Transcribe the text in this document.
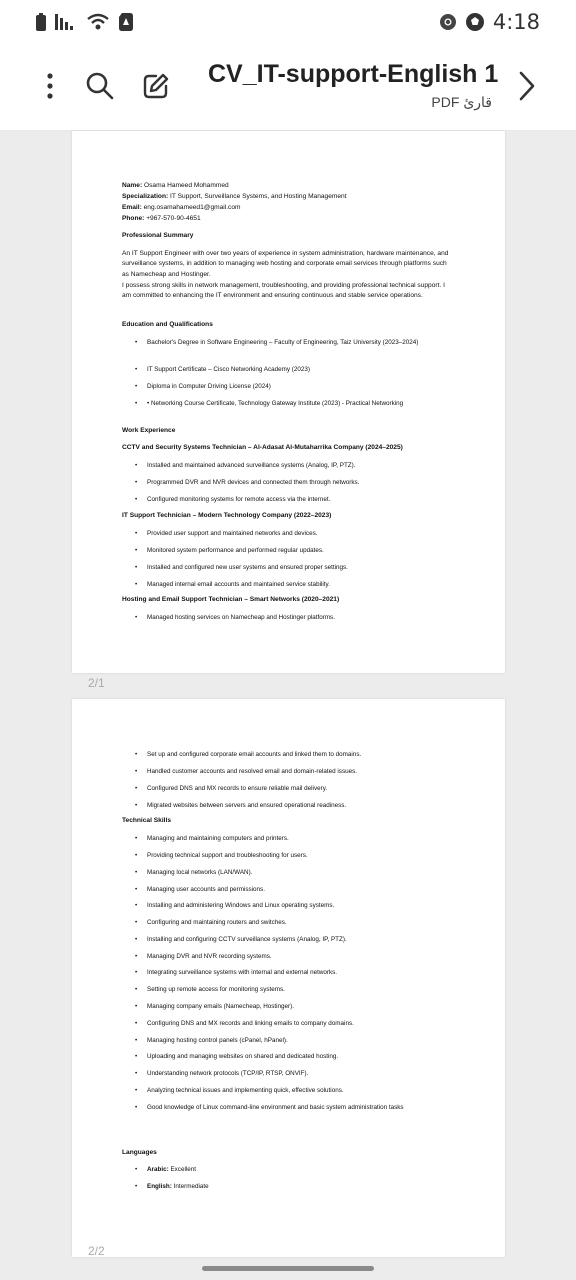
4:18
CV_IT-support-English 1
PDF قارئ
Name: Osama Hameed Mohammed
Specialization: IT Support, Surveillance Systems, and Hosting Management
Email: eng.osamahameed1@gmail.com
Phone: +967-570-90-4651
Professional Summary
An IT Support Engineer with over two years of experience in system administration, hardware maintenance, and surveillance systems, in addition to managing web hosting and corporate email services through platforms such as Namecheap and Hostinger.
I possess strong skills in network management, troubleshooting, and providing professional technical support. I am committed to enhancing the IT environment and ensuring continuous and stable service operations.
Education and Qualifications
• Bachelor's Degree in Software Engineering – Faculty of Engineering, Taiz University (2023–2024)
• IT Support Certificate – Cisco Networking Academy (2023)
• Diploma in Computer Driving License (2024)
• • Networking Course Certificate, Technology Gateway Institute (2023) - Practical Networking
Work Experience
CCTV and Security Systems Technician – Al-Adasat Al-Mutaharrika Company (2024–2025)
• Installed and maintained advanced surveillance systems (Analog, IP, PTZ).
• Programmed DVR and NVR devices and connected them through networks.
• Configured monitoring systems for remote access via the internet.
IT Support Technician – Modern Technology Company (2022–2023)
• Provided user support and maintained networks and devices.
• Monitored system performance and performed regular updates.
• Installed and configured new user systems and ensured proper settings.
• Managed internal email accounts and maintained service stability.
Hosting and Email Support Technician – Smart Networks (2020–2021)
• Managed hosting services on Namecheap and Hostinger platforms.
2/1
• Set up and configured corporate email accounts and linked them to domains.
• Handled customer accounts and resolved email and domain-related issues.
• Configured DNS and MX records to ensure reliable mail delivery.
• Migrated websites between servers and ensured operational readiness.
Technical Skills
• Managing and maintaining computers and printers.
• Providing technical support and troubleshooting for users.
• Managing local networks (LAN/WAN).
• Managing user accounts and permissions.
• Installing and administering Windows and Linux operating systems.
• Configuring and maintaining routers and switches.
• Installing and configuring CCTV surveillance systems (Analog, IP, PTZ).
• Managing DVR and NVR recording systems.
• Integrating surveillance systems with internal and external networks.
• Setting up remote access for monitoring systems.
• Managing company emails (Namecheap, Hostinger).
• Configuring DNS and MX records and linking emails to company domains.
• Managing hosting control panels (cPanel, hPanel).
• Uploading and managing websites on shared and dedicated hosting.
• Understanding network protocols (TCP/IP, RTSP, ONVIF).
• Analyzing technical issues and implementing quick, effective solutions.
• Good knowledge of Linux command-line environment and basic system administration tasks
Languages
• Arabic: Excellent
• English: Intermediate
2/2
